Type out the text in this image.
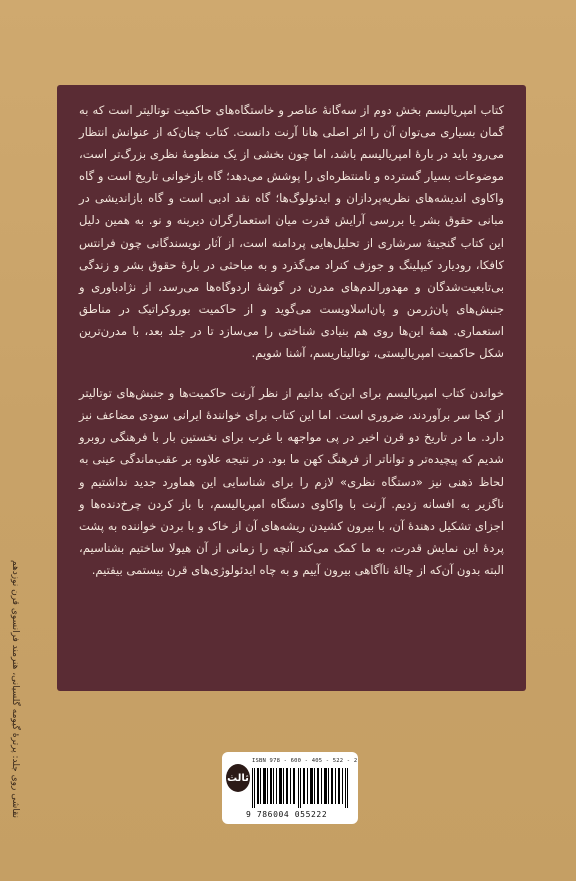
کتاب امپریالیسم بخش دوم از سه‌گانهٔ عناصر و خاستگاه‌های حاکمیت توتالیتر است که به گمان بسیاری می‌توان آن را اثر اصلی هانا آرنت دانست. کتاب چنان‌که از عنوانش انتظار می‌رود باید در بارهٔ امپریالیسم باشد، اما چون بخشی از یک منظومهٔ نظری بزرگ‌تر است، موضوعات بسیار گسترده و نامنتظره‌ای را پوشش می‌دهد؛ گاه بازخوانی تاریخ است و گاه واکاوی اندیشه‌های نظریه‌پردازان و ایدئولوگ‌ها؛ گاه نقد ادبی است و گاه بازاندیشی در مبانی حقوق بشر یا بررسی آرایش قدرت میان استعمارگران دیرینه و نو. به همین دلیل این کتاب گنجینهٔ سرشاری از تحلیل‌هایی پردامنه است، از آثار نویسندگانی چون فرانتس کافکا، رودیارد کیپلینگ و جوزف کنراد می‌گذرد و به مباحثی در بارهٔ حقوق بشر و زندگی بی‌تابعیت‌شدگان و مهدورالدم‌های مدرن در گوشهٔ اردوگاه‌ها می‌رسد، از نژادباوری و جنبش‌های پان‌ژرمن و پان‌اسلاویست می‌گوید و از حاکمیت بوروکراتیک در مناطق استعماری. همهٔ این‌ها روی هم بنیادی شناختی را می‌سازد تا در جلد بعد، با مدرن‌ترین شکل حاکمیت امپریالیستی، توتالیتاریسم، آشنا شویم.

خواندن کتاب امپریالیسم برای این‌که بدانیم از نظر آرنت حاکمیت‌ها و جنبش‌های توتالیتر از کجا سر برآوردند، ضروری است. اما این کتاب برای خوانندهٔ ایرانی سودی مضاعف نیز دارد. ما در تاریخ دو قرن اخیر در پی مواجهه با غرب برای نخستین بار با فرهنگی روبرو شدیم که پیچیده‌تر و تواناتر از فرهنگ کهن ما بود. در نتیجه علاوه بر عقب‌ماندگی عینی به لحاظ ذهنی نیز «دستگاه نظری» لازم را برای شناسایی این هماورد جدید نداشتیم و ناگزیر به افسانه زدیم. آرنت با واکاوی دستگاه امپریالیسم، با باز کردن چرخ‌دنده‌ها و اجزای تشکیل دهندهٔ آن، با بیرون کشیدن ریشه‌های آن از خاک و با بردن خواننده به پشت پردهٔ این نمایش قدرت، به ما کمک می‌کند آنچه را زمانی از آن هیولا ساختیم بشناسیم، البته بدون آن‌که از چالهٔ ناآگاهی بیرون آییم و به چاه ایدئولوژی‌های قرن بیستمی بیفتیم.

نقاشی روی جلد: پرترهٔ گیومه گلسیانی، هنرمند فرانسوی قرن نوزدهم	ثالث
ISBN 978 - 600 - 405 - 522 - 2
9 786004 055222
